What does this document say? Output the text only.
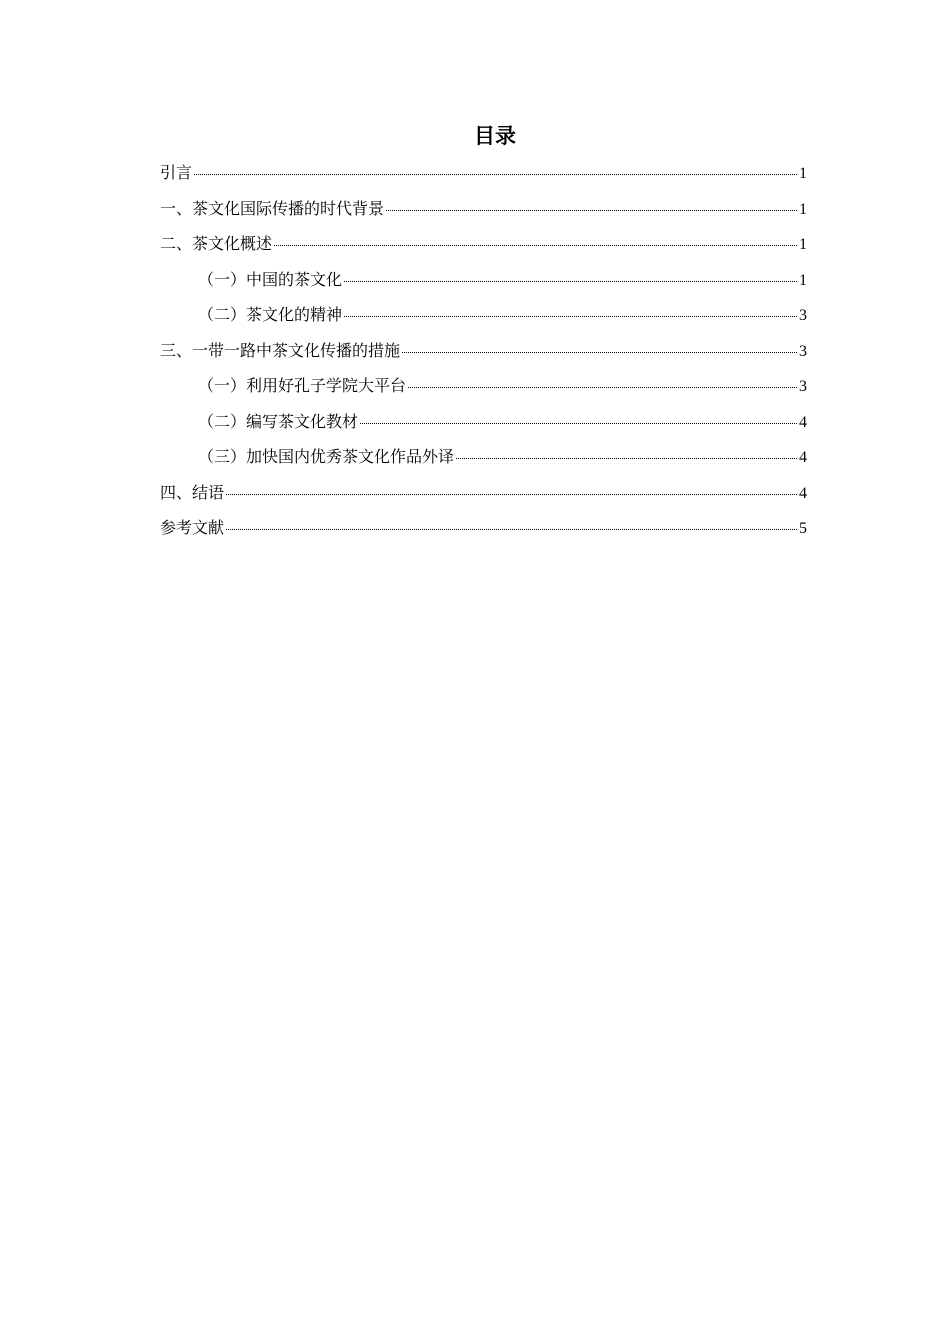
目录
引言	1
一、茶文化国际传播的时代背景	1
二、茶文化概述	1
（一）中国的茶文化	1
（二）茶文化的精神	3
三、一带一路中茶文化传播的措施	3
（一）利用好孔子学院大平台	3
（二）编写茶文化教材	4
（三）加快国内优秀茶文化作品外译	4
四、结语	4
参考文献	5
